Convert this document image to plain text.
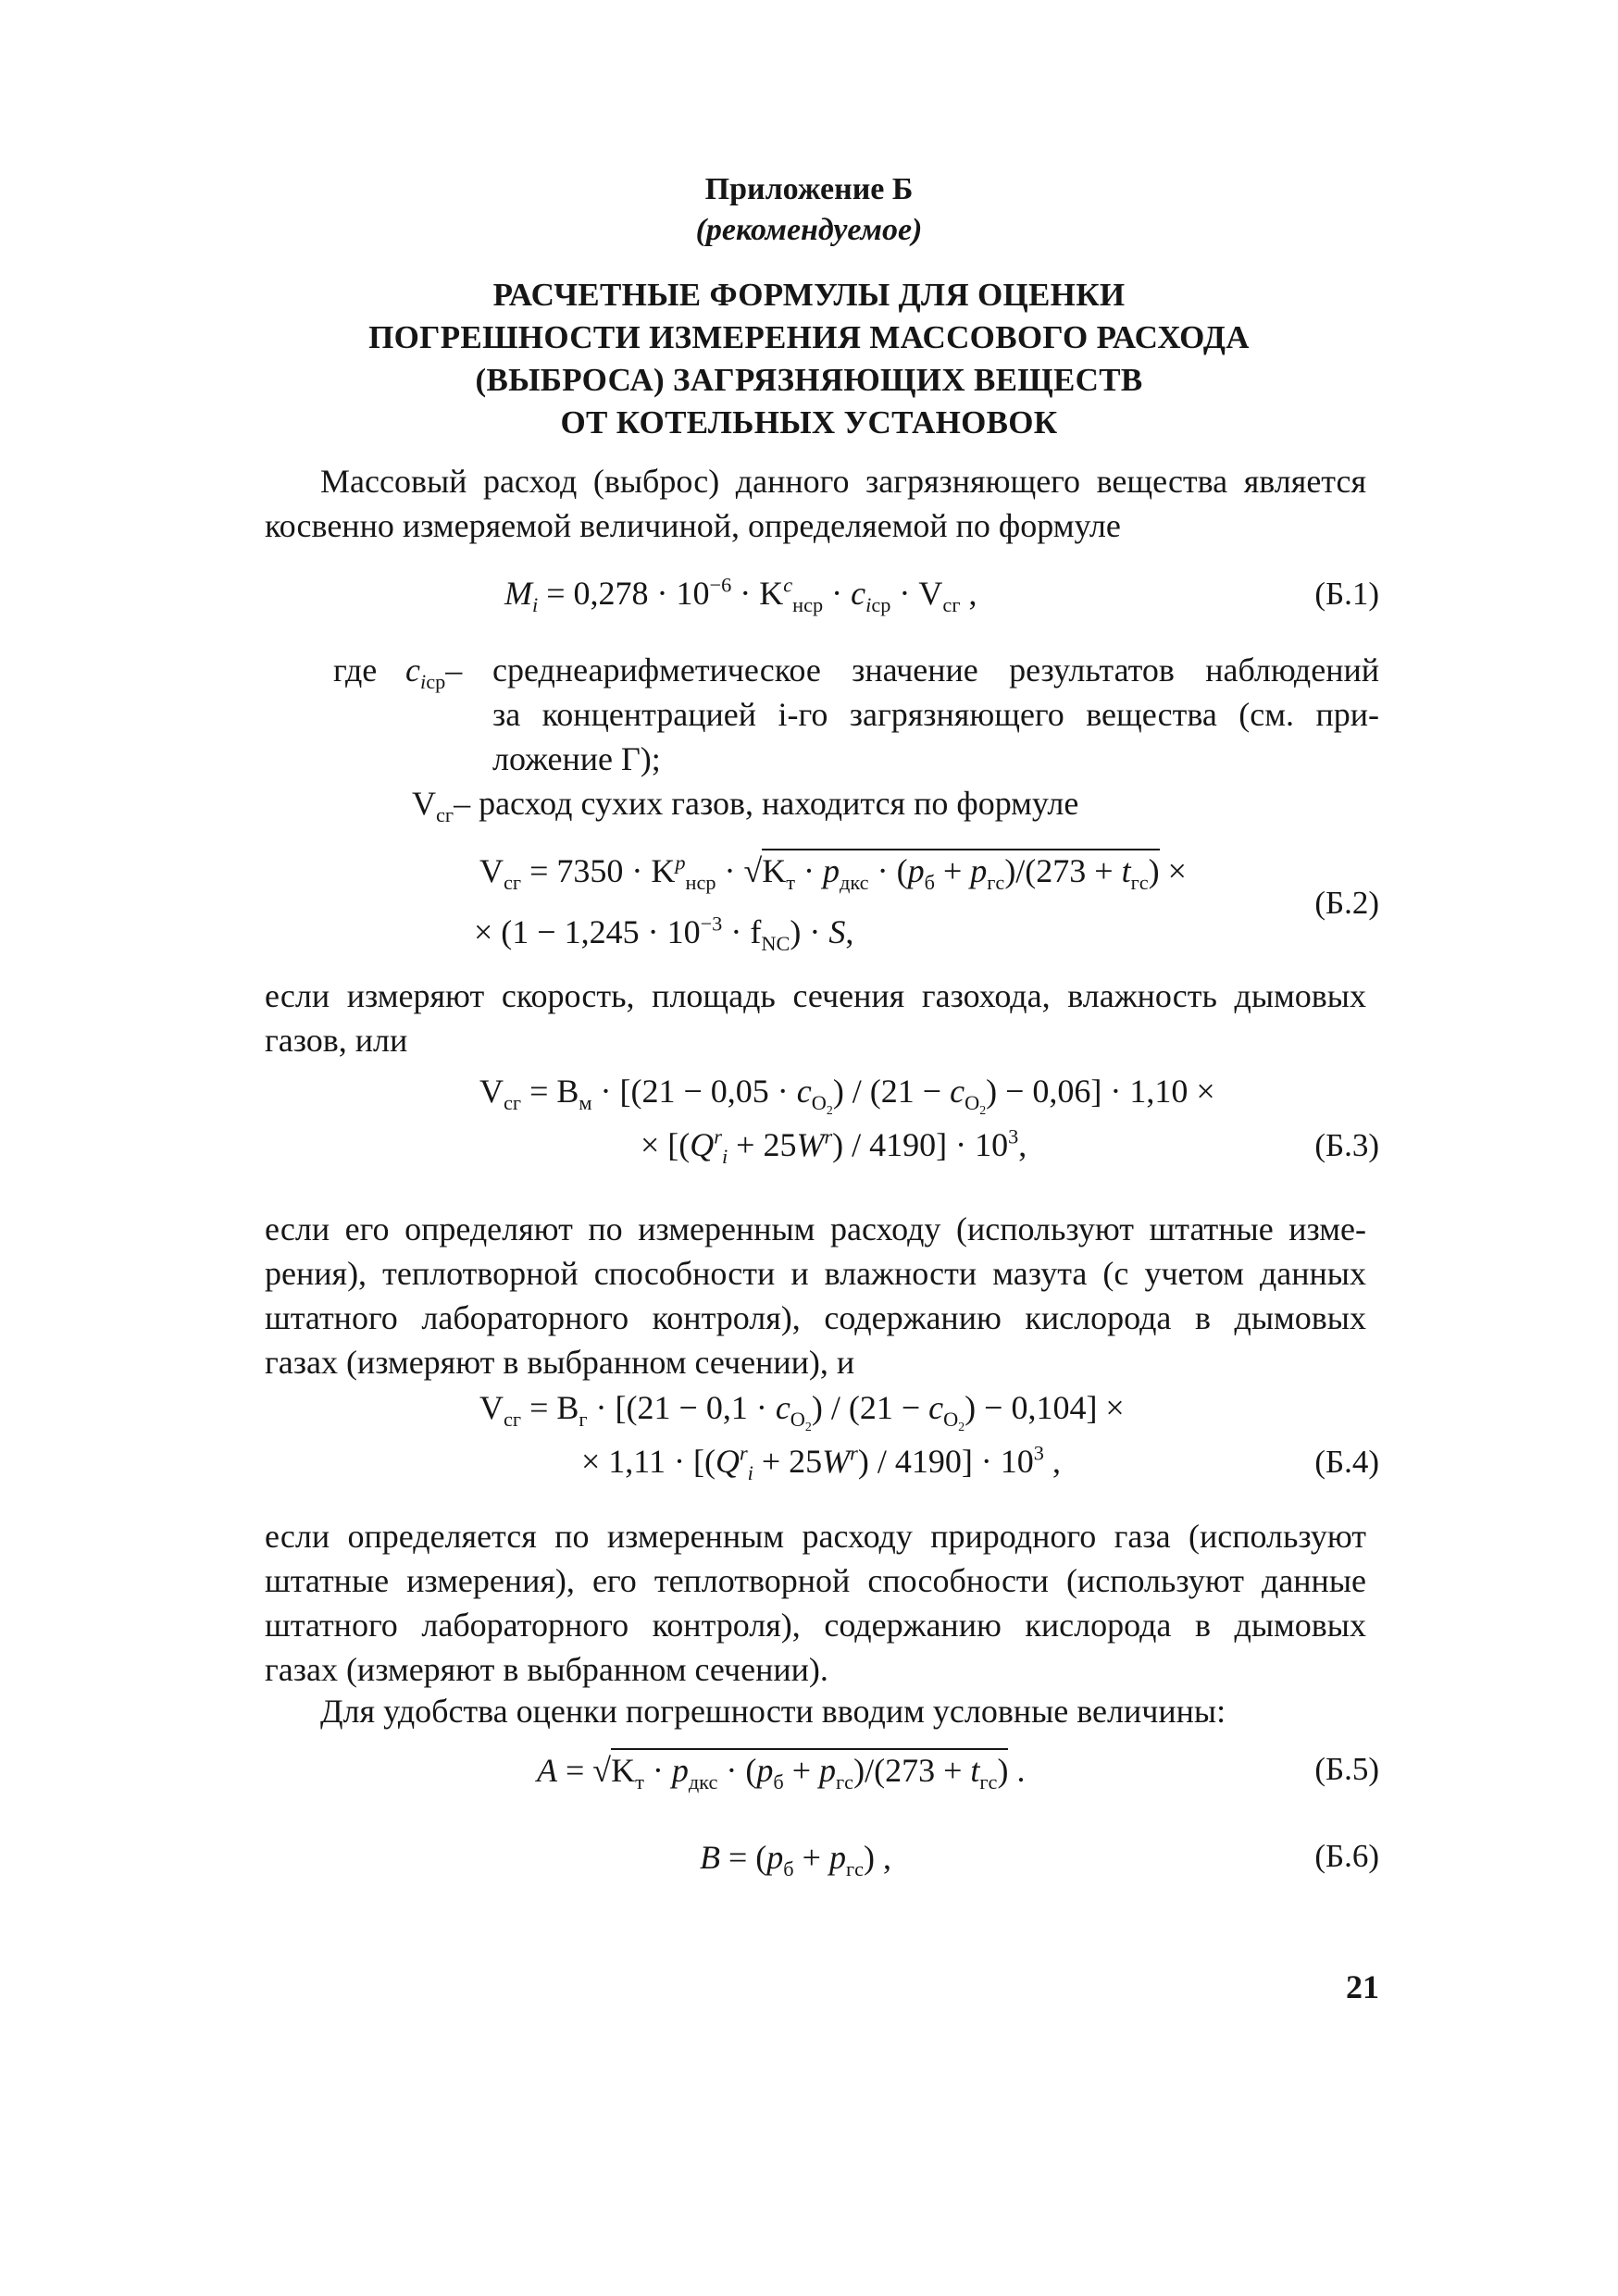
Приложение Б
(рекомендуемое)
РАСЧЕТНЫЕ ФОРМУЛЫ ДЛЯ ОЦЕНКИ
ПОГРЕШНОСТИ ИЗМЕРЕНИЯ МАССОВОГО РАСХОДА
(ВЫБРОСА) ЗАГРЯЗНЯЮЩИХ ВЕЩЕСТВ
ОТ КОТЕЛЬНЫХ УСТАНОВОК
Массовый расход (выброс) данного загрязняющего вещества является
косвенно измеряемой величиной, определяемой по формуле
$M_i = 0,278 \cdot 10^{-6} \cdot K^c_{нср} \cdot c_{iср} \cdot V_{сг}$ ,	(Б.1)
где $c_{iср}-$ среднеарифметическое значение результатов наблюдений
за концентрацией i-го загрязняющего вещества (см. при-
ложение Г);
$V_{сг}-$ расход сухих газов, находится по формуле
$V_{сг} = 7350 \cdot K^p_{нср} \cdot √K_т \cdot p_{дкс} \cdot (p_б + p_{гс})/(273 + t_{гс})$ ×
× $(1 - 1,245 \cdot 10^{-3} \cdot f_{NC}) \cdot S$,
(Б.2)
если измеряют скорость, площадь сечения газохода, влажность дымовых
газов, или
$V_{сг} = B_м \cdot [(21 - 0,05 \cdot c_{O_2}) / (21 - c_{O_2}) - 0,06] \cdot 1,10$ ×
× $[(Q^r_i + 25W^r) / 4190] \cdot 10^3$,	(Б.3)
если его определяют по измеренным расходу (используют штатные изме-
рения), теплотворной способности и влажности мазута (с учетом данных
штатного лабораторного контроля), содержанию кислорода в дымовых
газах (измеряют в выбранном сечении), и
$V_{сг} = B_г \cdot [(21 - 0,1 \cdot c_{O_2}) / (21 - c_{O_2}) - 0,104]$ ×
× $1,11 \cdot [(Q^r_i + 25W^r) / 4190] \cdot 10^3$ ,	(Б.4)
если определяется по измеренным расходу природного газа (используют
штатные измерения), его теплотворной способности (используют данные
штатного лабораторного контроля), содержанию кислорода в дымовых
газах (измеряют в выбранном сечении).
Для удобства оценки погрешности вводим условные величины:
$A = √K_т \cdot p_{дкс} \cdot (p_б + p_{гс})/(273 + t_{гс})$ .	(Б.5)
$B = (p_б + p_{гс})$ ,	(Б.6)
21
